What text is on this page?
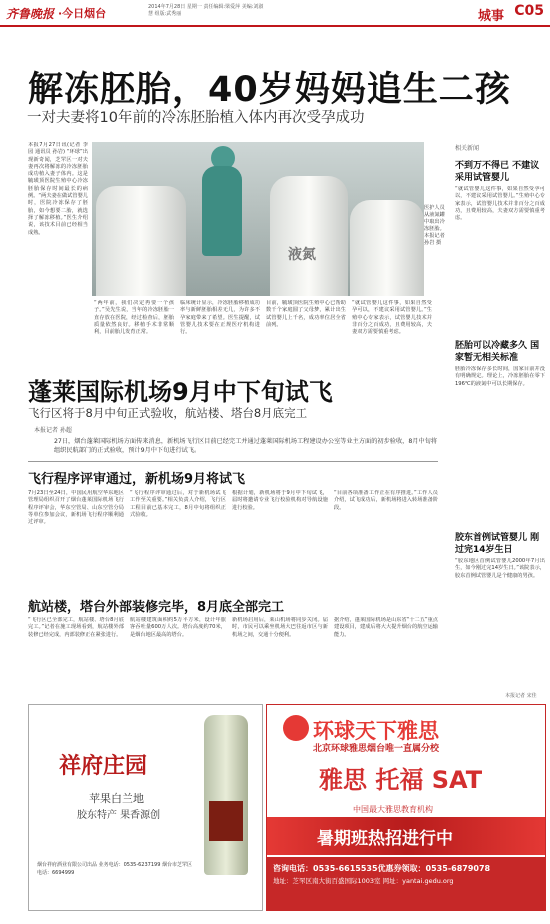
齐鲁晚报 ·今日烟台	2014年7月28日 星期一 责任编辑:梁爱萍 美编:刘淑慧 组版:武秀丽	城事 C05
解冻胚胎，40岁妈妈追生二孩
一对夫妻将10年前的冷冻胚胎植入体内再次受孕成功
本报7月27日讯(记者 李园 通讯员 孙岩) “环球”出现新奇闻，芝罘区一对夫妻再次将解冻的冷冻胚胎成功植入妻子体内。这是毓璜顶医院生殖中心冷冻胚胎保存时间最长的病例。“两夫妻在做试管婴儿时，医院冷冻保存了胚胎，如今想要二胎，就选择了解冻移植。”医生介绍说，该技术目前已经相当成熟。
液氮
医护人员从液氮罐中取出冷冻胚胎。 本报记者 孙岩 摄
“两年前，我们决定再要一个孩子。”吴先生说，当年的冷冻胚胎一直存放在医院，经过检查后，胚胎质量依然良好。移植手术非常顺利，目前胎儿发育正常。
临床统计显示，冷冻胚胎移植成功率与新鲜胚胎相差无几，为许多不孕家庭带来了希望。医生提醒，试管婴儿技术要在正规医疗机构进行。
目前，毓璜顶医院生殖中心已帮助数千个家庭圆了父母梦，累计出生试管婴儿上千名，成功率位居全省前列。
“就试管婴儿这件事，如果自然受孕可以，不建议采用试管婴儿。”生殖中心专家表示，试管婴儿技术并非百分之百成功，且费用较高，夫妻双方需要慎重考虑。
相关新闻
不到万不得已 不建议采用试管婴儿
“就试管婴儿这件事，如果自然受孕可以，不建议采用试管婴儿。”生殖中心专家表示，试管婴儿技术并非百分之百成功，且费用较高，夫妻双方需要慎重考虑。
胚胎可以冷藏多久 国家暂无相关标准
胚胎冷冻保存多长时间，国家目前并没有明确规定。理论上，冷冻胚胎在零下196℃的液氮中可以长期保存。
胶东首例试管婴儿 刚过完14岁生日
“胶东地区首例试管婴儿2000年7月出生，如今刚过完14岁生日。”该院表示，胶东首例试管婴儿是个健康的男孩。
本报记者 宋佳
蓬莱国际机场9月中下旬试飞
飞行区将于8月中旬正式验收，航站楼、塔台8月底完工
本报记者 孙超
27日，烟台蓬莱国际机场方面传来消息，新机场飞行区目前已经完工并通过蓬莱国际机场工程建设办公室等业主方面的初步验收，8月中旬将组织民航部门的正式验收，预计9月中下旬进行试飞。
飞行程序评审通过，新机场9月将试飞
7月23日至24日，中国民用航空华东地区管理局组织召开了烟台蓬莱国际机场飞行程序评审会，华东空管局、山东空管分局等单位参加会议，新机场飞行程序顺利通过评审。
“飞行程序评审通过后，对于新机场试飞工作至关重要。”相关负责人介绍，飞行区工程目前已基本完工，8月中旬将组织正式验收。
根据计划，新机场将于9月中下旬试飞，届时将邀请专业飞行校验机构对导航设施进行校验。
“目前各项准备工作正在有序推进。”工作人员介绍，试飞成功后，新机场将进入转场准备阶段。
航站楼，塔台外部装修完毕，8月底全部完工
“飞行区已全部完工，航站楼、塔台8月底完工。”记者在施工现场看到，航站楼外部装修已经完成，内部装修正在紧张进行。
航站楼建筑面积约5万平方米，设计年旅客吞吐量600万人次。塔台高度约70米，是烟台地区最高的塔台。
新机场启用后，莱山机场将同步关闭。届时，市民可以乘坐机场大巴往返市区与新机场之间，交通十分便利。
据介绍，蓬莱国际机场是山东省“十二五”重点建设项目，建成后将大大提升烟台的航空运输能力。
祥府庄园
苹果白兰地
胶东特产 果香源创
烟台祥府酒业有限公司出品 业务电话：0535-6237199 烟台市芝罘区 电话：6694999
环球天下雅思
北京环球雅思烟台唯一直属分校
雅思 托福 SAT
中国最大雅思教育机构
暑期班热招进行中
咨询电话：0535-6615535优惠券领取：0535-6879078
地址：芝罘区南大街百盛国际1003室 网址：yantai.gedu.org
